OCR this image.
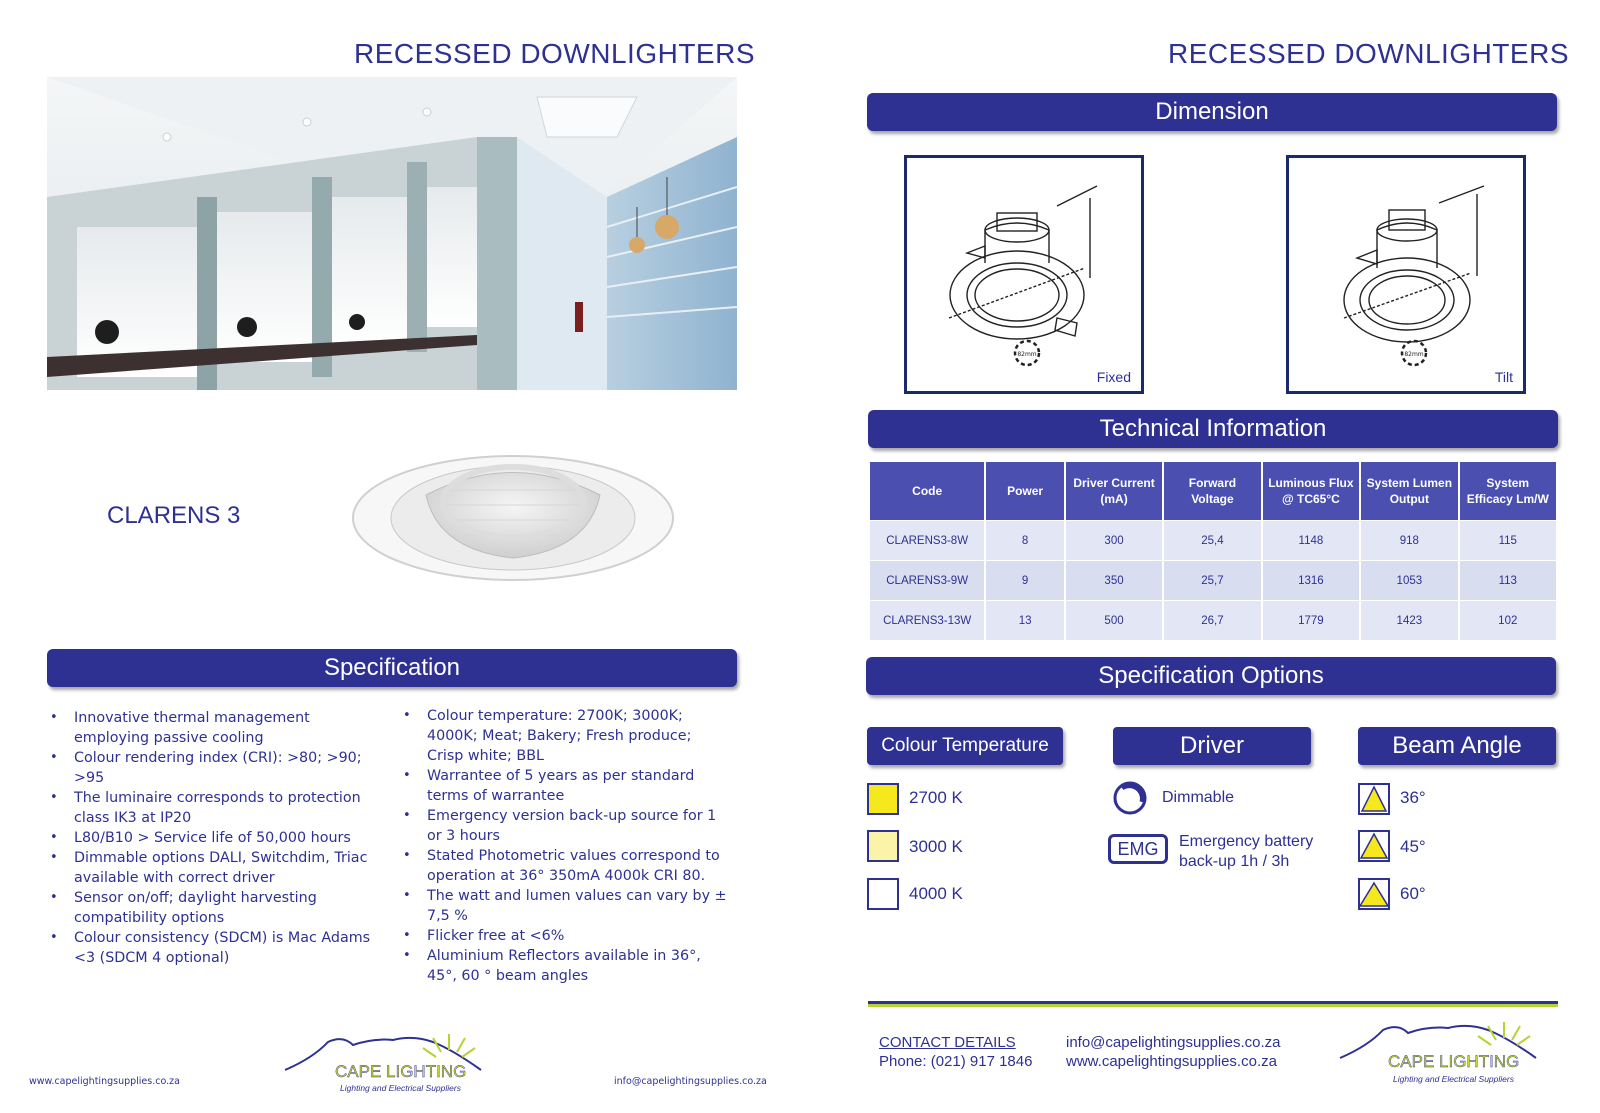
RECESSED DOWNLIGHTERS
CLARENS 3
Specification
• Innovative thermal management employing passive cooling
• Colour rendering index (CRI): >80; >90; >95
• The luminaire corresponds to protection class IK3 at IP20
• L80/B10 > Service life of 50,000 hours
• Dimmable options DALI, Switchdim, Triac available with correct driver
• Sensor on/off; daylight harvesting compatibility options
• Colour consistency (SDCM) is Mac Adams <3 (SDCM 4 optional)
• Colour temperature: 2700K; 3000K; 4000K; Meat; Bakery; Fresh produce; Crisp white; BBL
• Warrantee of 5 years as per standard terms of warrantee
• Emergency version back-up source for 1 or 3 hours
• Stated Photometric values correspond to operation at 36° 350mA 4000k CRI 80.
• The watt and lumen values can vary by ± 7,5 %
• Flicker free at <6%
• Aluminium Reflectors available in 36°, 45°, 60 ° beam angles
www.capelightingsupplies.co.za	info@capelightingsupplies.co.za
CAPE LIGHTING
Lighting and Electrical Suppliers
RECESSED DOWNLIGHTERS
Dimension
82mm
Fixed
82mm
Tilt
Technical Information
Code	Power	Driver Current (mA)	Forward Voltage	Luminous Flux @ TC65°C	System Lumen Output	System Efficacy Lm/W
CLARENS3-8W	8	300	25,4	1148	918	115
CLARENS3-9W	9	350	25,7	1316	1053	113
CLARENS3-13W	13	500	26,7	1779	1423	102
Specification Options
Colour Temperature
2700 K
3000 K
4000 K
Driver
Dimmable
EMG	Emergency battery
back-up 1h / 3h
Beam Angle
36°
45°
60°
CONTACT DETAILS
Phone: (021) 917 1846
info@capelightingsupplies.co.za
www.capelightingsupplies.co.za	CAPE LIGHTING
Lighting and Electrical Suppliers
